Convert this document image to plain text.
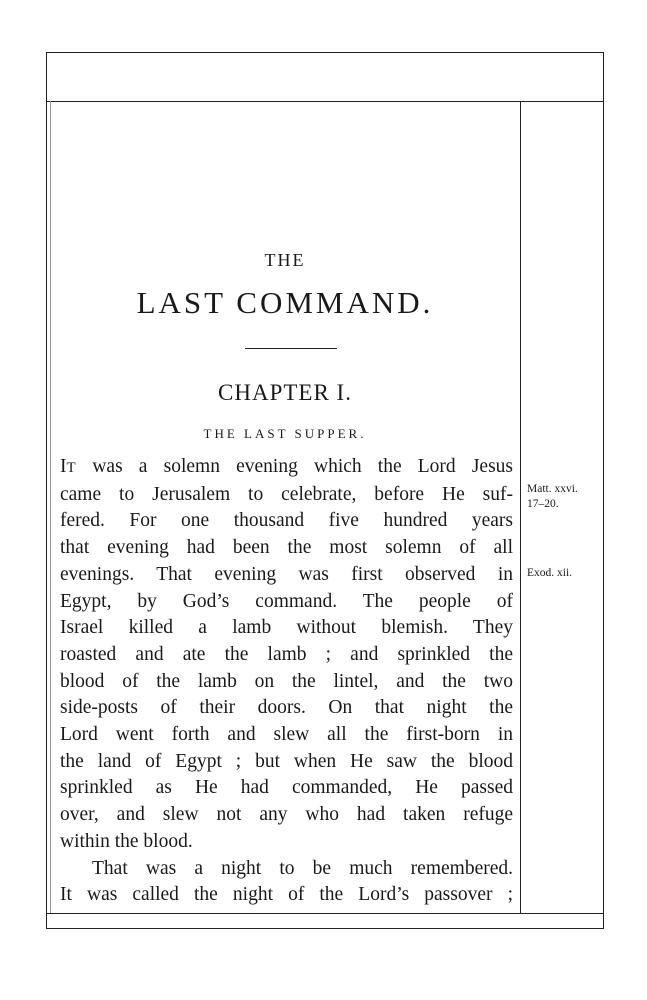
THE
LAST COMMAND.
CHAPTER I.
THE LAST SUPPER.
IT was a solemn evening which the Lord Jesus
came to Jerusalem to celebrate, before He suf-
fered. For one thousand five hundred years
that evening had been the most solemn of all
evenings. That evening was first observed in
Egypt, by God’s command. The people of
Israel killed a lamb without blemish. They
roasted and ate the lamb ; and sprinkled the
blood of the lamb on the lintel, and the two
side-posts of their doors. On that night the
Lord went forth and slew all the first-born in
the land of Egypt ; but when He saw the blood
sprinkled as He had commanded, He passed
over, and slew not any who had taken refuge
within the blood.
That was a night to be much remembered.
It was called the night of the Lord’s passover ;
Matt. xxvi.
17–20.
Exod. xii.
